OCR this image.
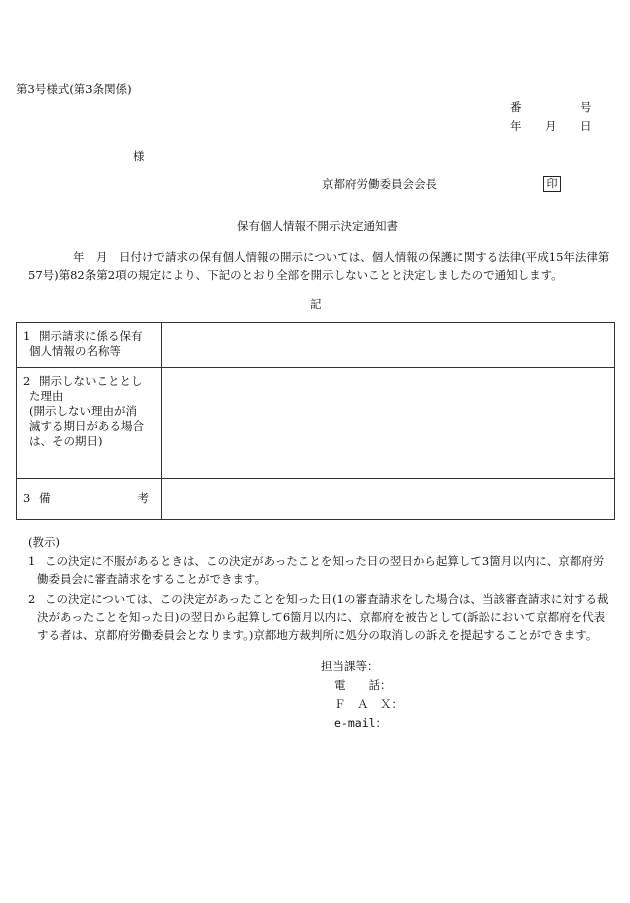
第3号様式(第3条関係)
番	号
年 月 日
様
京都府労働委員会会長	印
保有個人情報不開示決定通知書
年　月　日付けで請求の保有個人情報の開示については、個人情報の保護に関する法律(平成15年法律第
57号)第82条第2項の規定により、下記のとおり全部を開示しないことと決定しましたので通知します。
記
1 開示請求に係る保有
個人情報の名称等	

2 開示しないこととし
た理由
(開示しない理由が消
滅する期日がある場合
は、その期日)	

3 備 考	

(教示)
1 この決定に不服があるときは、この決定があったことを知った日の翌日から起算して3箇月以内に、京都府労
働委員会に審査請求をすることができます。
2 この決定については、この決定があったことを知った日(1の審査請求をした場合は、当該審査請求に対する裁
決があったことを知った日)の翌日から起算して6箇月以内に、京都府を被告として(訴訟において京都府を代表
する者は、京都府労働委員会となります。)京都地方裁判所に処分の取消しの訴えを提起することができます。
担当課等：
電　　話：
Ｆ　Ａ　Ｘ：
e-mail：
